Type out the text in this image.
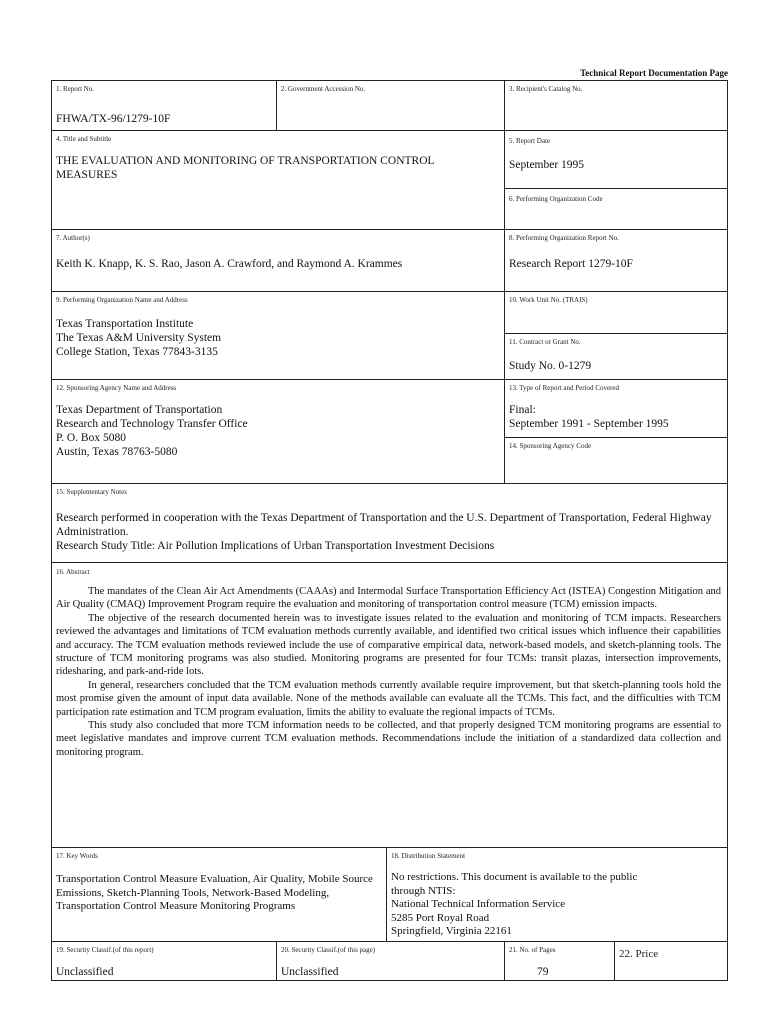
Technical Report Documentation Page
1. Report No.
FHWA/TX-96/1279-10F
2. Government Accession No.	3. Recipient's Catalog No.
4. Title and Subtitle
THE EVALUATION AND MONITORING OF TRANSPORTATION CONTROL MEASURES
5. Report Date
September 1995
6. Performing Organization Code
7. Author(s)
Keith K. Knapp, K. S. Rao, Jason A. Crawford, and Raymond A. Krammes
8. Performing Organization Report No.
Research Report 1279-10F
9. Performing Organization Name and Address
Texas Transportation Institute
The Texas A&M University System
College Station, Texas 77843-3135
10. Work Unit No. (TRAIS)
11. Contract or Grant No.
Study No. 0-1279
12. Sponsoring Agency Name and Address
Texas Department of Transportation
Research and Technology Transfer Office
P. O. Box 5080
Austin, Texas 78763-5080
13. Type of Report and Period Covered
Final:
September 1991 - September 1995
14. Sponsoring Agency Code
15. Supplementary Notes
Research performed in cooperation with the Texas Department of Transportation and the U.S. Department of Transportation, Federal Highway Administration.
Research Study Title: Air Pollution Implications of Urban Transportation Investment Decisions
16. Abstract

The mandates of the Clean Air Act Amendments (CAAAs) and Intermodal Surface Transportation Efficiency Act (ISTEA) Congestion Mitigation and Air Quality (CMAQ) Improvement Program require the evaluation and monitoring of transportation control measure (TCM) emission impacts.

The objective of the research documented herein was to investigate issues related to the evaluation and monitoring of TCM impacts. Researchers reviewed the advantages and limitations of TCM evaluation methods currently available, and identified two critical issues which influence their capabilities and accuracy. The TCM evaluation methods reviewed include the use of comparative empirical data, network-based models, and sketch-planning tools. The structure of TCM monitoring programs was also studied. Monitoring programs are presented for four TCMs: transit plazas, intersection improvements, ridesharing, and park-and-ride lots.

In general, researchers concluded that the TCM evaluation methods currently available require improvement, but that sketch-planning tools hold the most promise given the amount of input data available. None of the methods available can evaluate all the TCMs. This fact, and the difficulties with TCM participation rate estimation and TCM program evaluation, limits the ability to evaluate the regional impacts of TCMs.

This study also concluded that more TCM information needs to be collected, and that properly designed TCM monitoring programs are essential to meet legislative mandates and improve current TCM evaluation methods. Recommendations include the initiation of a standardized data collection and monitoring program.

17. Key Words
Transportation Control Measure Evaluation, Air Quality, Mobile Source Emissions, Sketch-Planning Tools, Network-Based Modeling, Transportation Control Measure Monitoring Programs
18. Distribution Statement
No restrictions. This document is available to the public
through NTIS:
National Technical Information Service
5285 Port Royal Road
Springfield, Virginia 22161
19. Security Classif.(of this report)
Unclassified
20. Security Classif.(of this page)
Unclassified
21. No. of Pages
79
22. Price
